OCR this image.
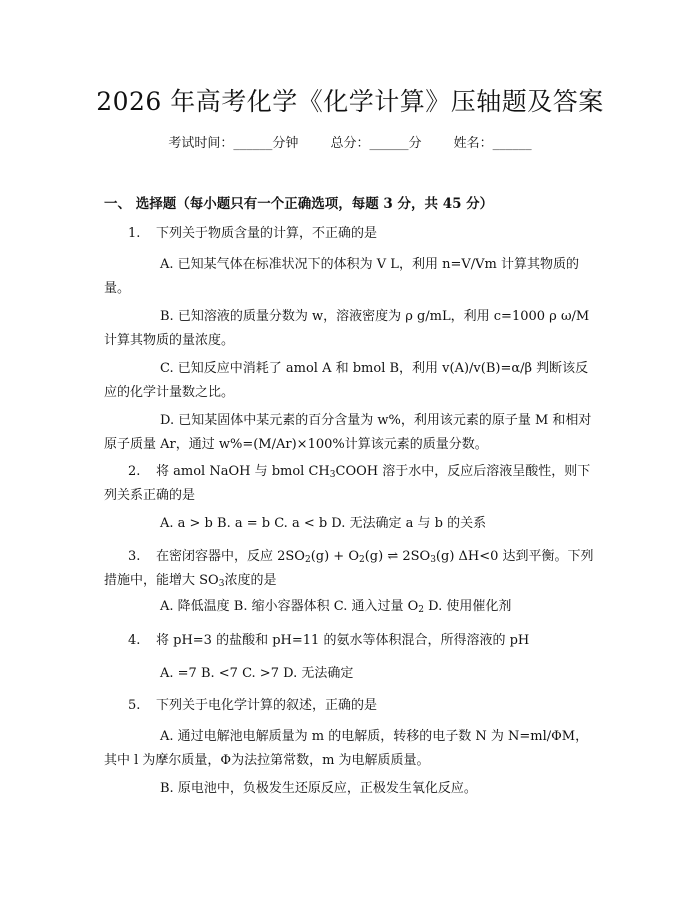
2026 年高考化学《化学计算》压轴题及答案
考试时间：______分钟 总分：______分 姓名：______
一、 选择题（每小题只有一个正确选项，每题 3 分，共 45 分）
1. 下列关于物质含量的计算，不正确的是
A. 已知某气体在标准状况下的体积为 V L，利用 n=V/Vm 计算其物质的量。
B. 已知溶液的质量分数为 w，溶液密度为 ρ g/mL，利用 c=1000 ρ ω/M 计算其物质的量浓度。
C. 已知反应中消耗了 amol A 和 bmol B，利用 v(A)/v(B)=α/β 判断该反应的化学计量数之比。
D. 已知某固体中某元素的百分含量为 w%，利用该元素的原子量 M 和相对原子质量 Ar，通过 w%=(M/Ar)×100%计算该元素的质量分数。
2. 将 amol NaOH 与 bmol $CH_3COOH$ 溶于水中，反应后溶液呈酸性，则下列关系正确的是
A. a > b B. a = b C. a < b D. 无法确定 a 与 b 的关系
3. 在密闭容器中，反应 $2SO_2(g) + O_2(g)$ ⇌ $2SO_3(g)$ ΔH<0 达到平衡。下列措施中，能增大 $SO_3$浓度的是
A. 降低温度 B. 缩小容器体积 C. 通入过量 $O_2$ D. 使用催化剂
4. 将 pH=3 的盐酸和 pH=11 的氨水等体积混合，所得溶液的 pH
A. =7 B. <7 C. >7 D. 无法确定
5. 下列关于电化学计算的叙述，正确的是
A. 通过电解池电解质量为 m 的电解质，转移的电子数 N 为 N=ml/ΦM，其中 l 为摩尔质量，Φ为法拉第常数，m 为电解质质量。
B. 原电池中，负极发生还原反应，正极发生氧化反应。
